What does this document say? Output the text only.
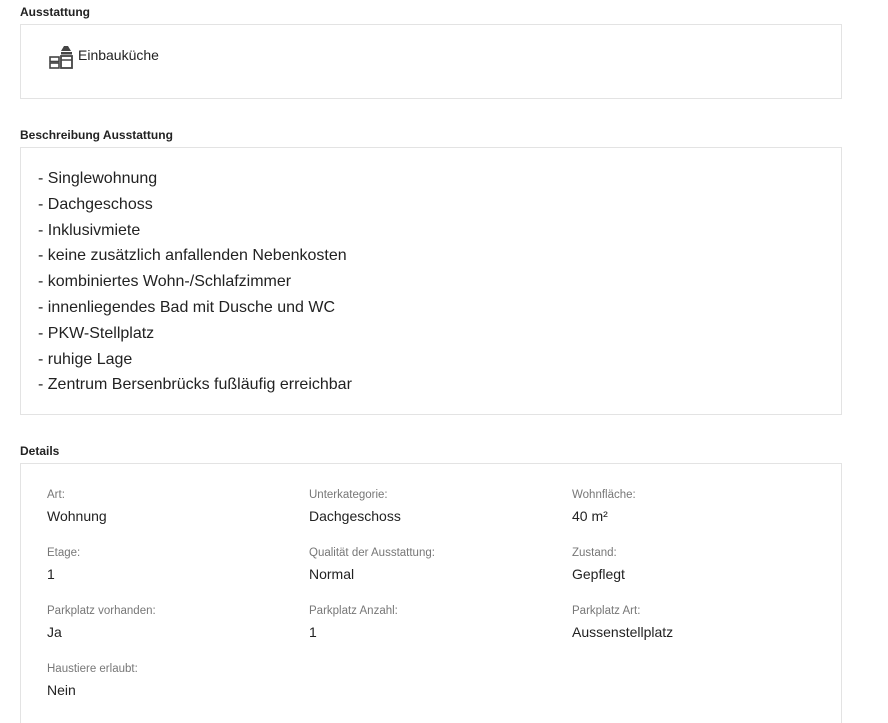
Ausstattung
Einbauküche
Beschreibung Ausstattung
- Singlewohnung
- Dachgeschoss
- Inklusivmiete
- keine zusätzlich anfallenden Nebenkosten
- kombiniertes Wohn-/Schlafzimmer
- innenliegendes Bad mit Dusche und WC
- PKW-Stellplatz
- ruhige Lage
- Zentrum Bersenbrücks fußläufig erreichbar
Details
Art:
Wohnung
Unterkategorie:
Dachgeschoss
Wohnfläche:
40 m²
Etage:
1
Qualität der Ausstattung:
Normal
Zustand:
Gepflegt
Parkplatz vorhanden:
Ja
Parkplatz Anzahl:
1
Parkplatz Art:
Aussenstellplatz
Haustiere erlaubt:
Nein
